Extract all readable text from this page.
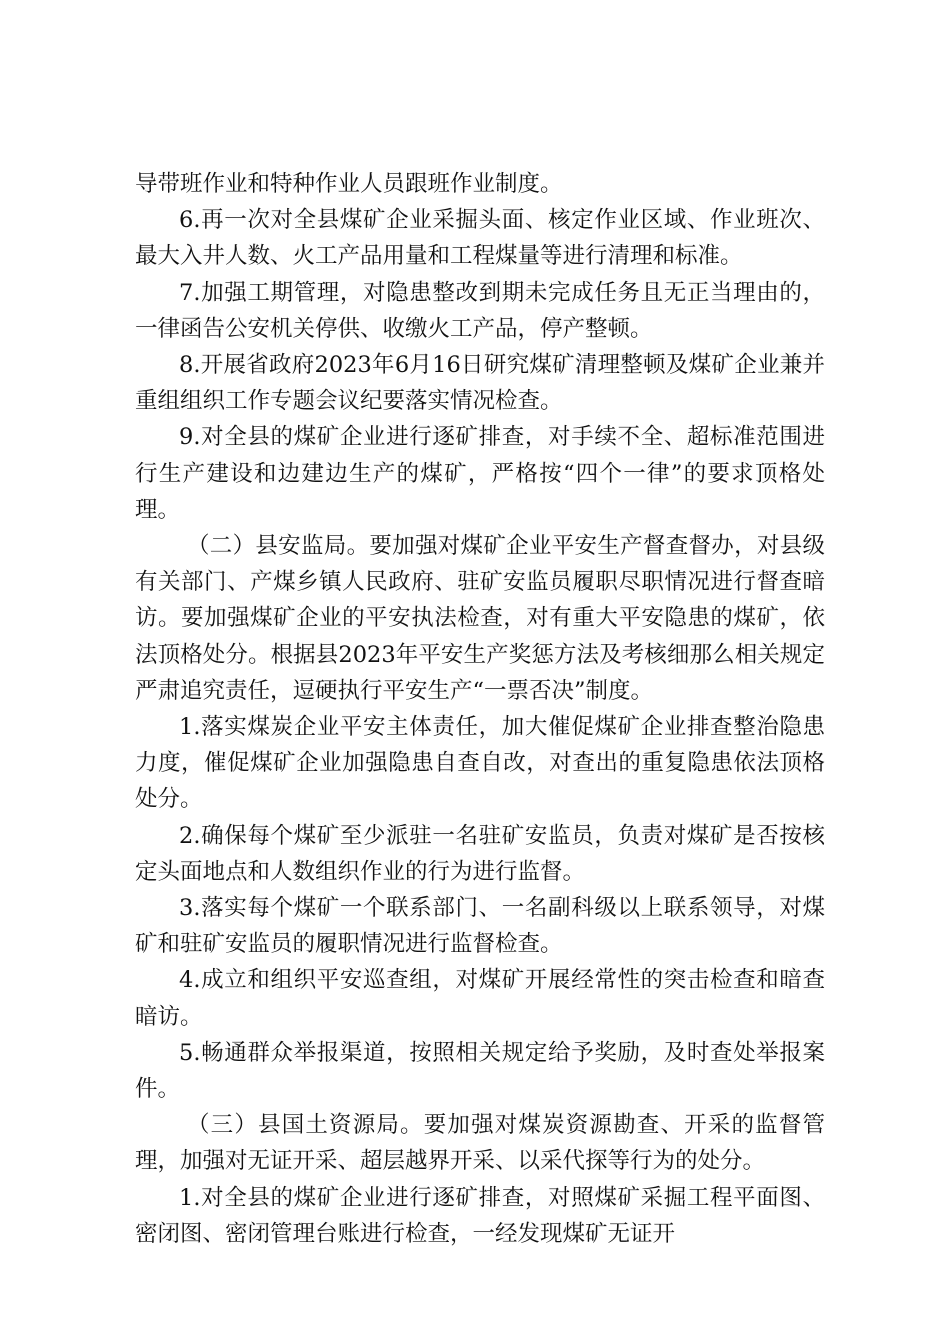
导带班作业和特种作业人员跟班作业制度。

6.再一次对全县煤矿企业采掘头面、核定作业区域、作业班次、最大入井人数、火工产品用量和工程煤量等进行清理和标准。

7.加强工期管理，对隐患整改到期未完成任务且无正当理由的，一律函告公安机关停供、收缴火工产品，停产整顿。

8.开展省政府2023年6月16日研究煤矿清理整顿及煤矿企业兼并重组组织工作专题会议纪要落实情况检查。

9.对全县的煤矿企业进行逐矿排查，对手续不全、超标准范围进行生产建设和边建边生产的煤矿，严格按“四个一律”的要求顶格处理。

（二）县安监局。要加强对煤矿企业平安生产督查督办，对县级有关部门、产煤乡镇人民政府、驻矿安监员履职尽职情况进行督查暗访。要加强煤矿企业的平安执法检查，对有重大平安隐患的煤矿，依法顶格处分。根据县2023年平安生产奖惩方法及考核细那么相关规定严肃追究责任，逗硬执行平安生产“一票否决”制度。

1.落实煤炭企业平安主体责任，加大催促煤矿企业排查整治隐患力度，催促煤矿企业加强隐患自查自改，对查出的重复隐患依法顶格处分。

2.确保每个煤矿至少派驻一名驻矿安监员，负责对煤矿是否按核定头面地点和人数组织作业的行为进行监督。

3.落实每个煤矿一个联系部门、一名副科级以上联系领导，对煤矿和驻矿安监员的履职情况进行监督检查。

4.成立和组织平安巡查组，对煤矿开展经常性的突击检查和暗查暗访。

5.畅通群众举报渠道，按照相关规定给予奖励，及时查处举报案件。

（三）县国土资源局。要加强对煤炭资源勘查、开采的监督管理，加强对无证开采、超层越界开采、以采代探等行为的处分。

1.对全县的煤矿企业进行逐矿排查，对照煤矿采掘工程平面图、密闭图、密闭管理台账进行检查，一经发现煤矿无证开
